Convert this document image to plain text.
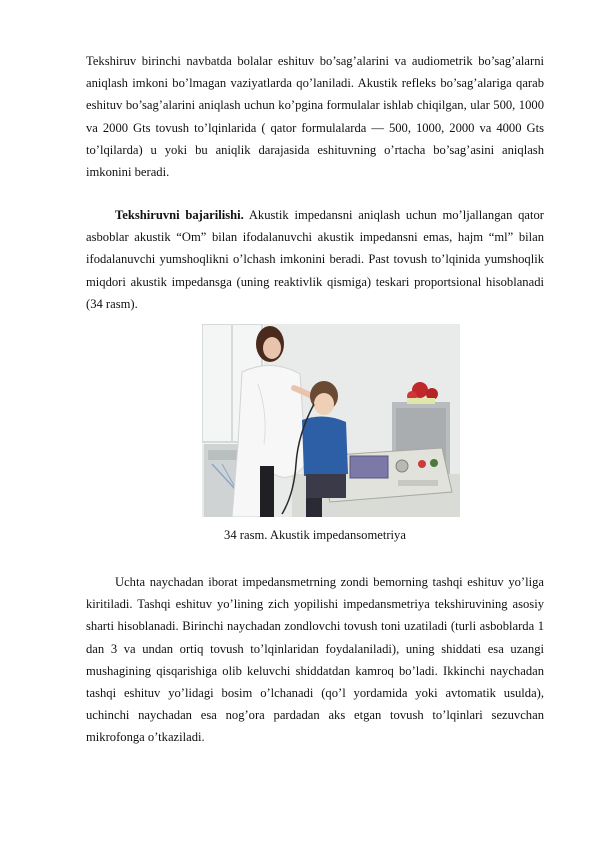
Tekshiruv birinchi navbatda bolalar eshituv bo’sag’alarini va audiometrik bo’sag’alarni aniqlash imkoni bo’lmagan vaziyatlarda qo’laniladi. Akustik refleks bo’sag’alariga qarab eshituv bo’sag’alarini aniqlash uchun ko’pgina formulalar ishlab chiqilgan, ular 500, 1000 va 2000 Gts tovush to’lqinlarida ( qator formulalarda — 500, 1000, 2000 va 4000 Gts to’lqilarda) u yoki bu aniqlik darajasida eshituvning o’rtacha bo’sag’asini aniqlash imkonini beradi.

Tekshiruvni bajarilishi. Akustik impedansni aniqlash uchun mo’ljallangan qator asboblar akustik “Om” bilan ifodalanuvchi akustik impedansni emas, hajm “ml” bilan ifodalanuvchi yumshoqlikni o’lchash imkonini beradi. Past tovush to’lqinida yumshoqlik miqdori akustik impedansga (uning reaktivlik qismiga) teskari proportsional hisoblanadi (34 rasm).

34 rasm. Akustik impedansometriya

Uchta naychadan iborat impedansmetrning zondi bemorning tashqi eshituv yo’liga kiritiladi. Tashqi eshituv yo’lining zich yopilishi impedansmetriya tekshiruvining asosiy sharti hisoblanadi. Birinchi naychadan zondlovchi tovush toni uzatiladi (turli asboblarda 1 dan 3 va undan ortiq tovush to’lqinlaridan foydalaniladi), uning shiddati esa uzangi mushagining qisqarishiga olib keluvchi shiddatdan kamroq bo’ladi. Ikkinchi naychadan tashqi eshituv yo’lidagi bosim o’lchanadi (qo’l yordamida yoki avtomatik usulda), uchinchi naychadan esa nog’ora pardadan aks etgan tovush to’lqinlari sezuvchan mikrofonga o’tkaziladi.
